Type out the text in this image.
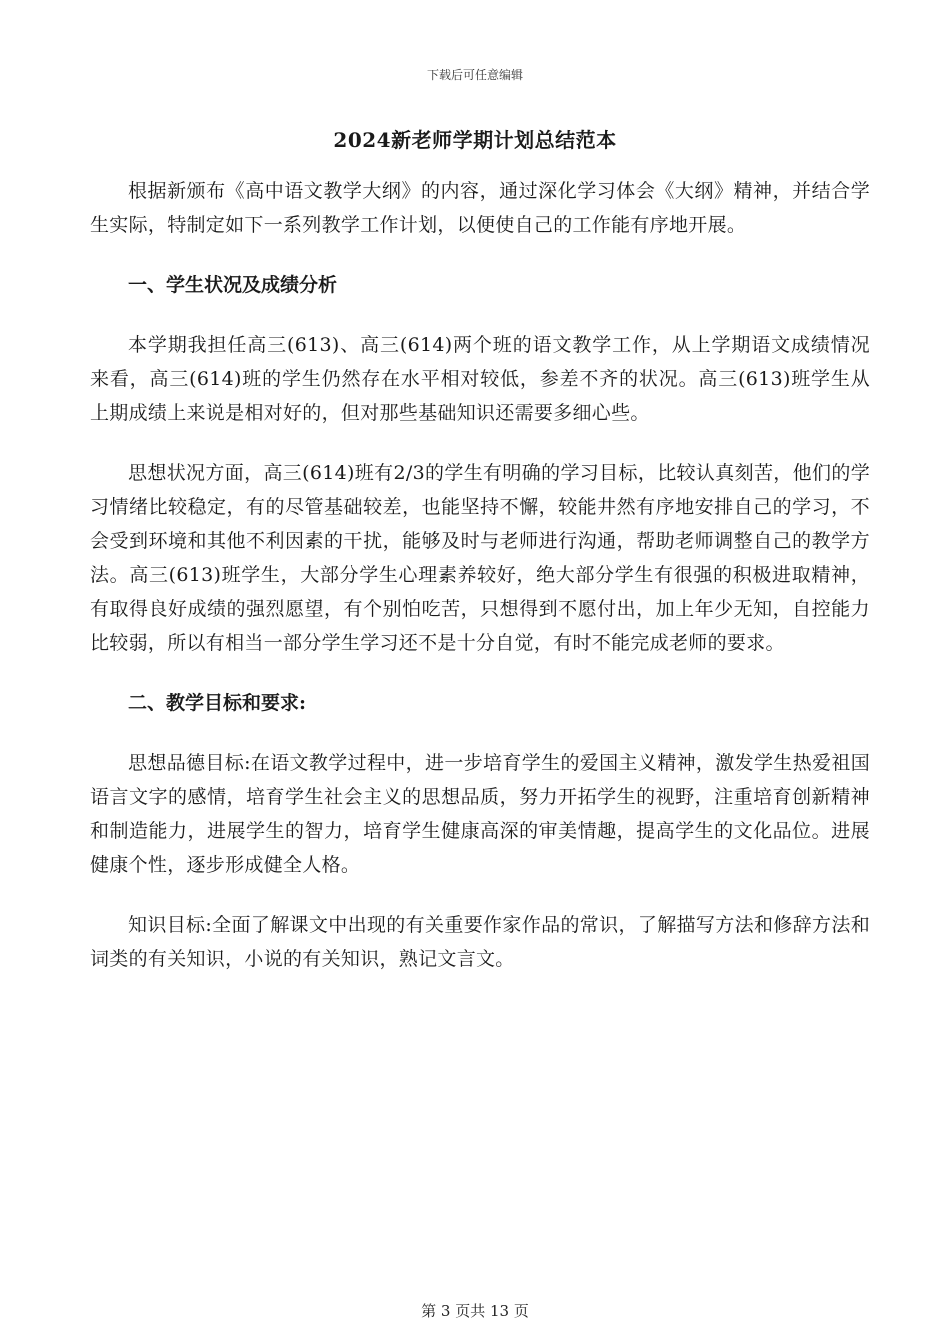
下载后可任意编辑
2024新老师学期计划总结范本

根据新颁布《高中语文教学大纲》的内容，通过深化学习体会《大纲》精神，并结合学生实际，特制定如下一系列教学工作计划，以便使自己的工作能有序地开展。

一、学生状况及成绩分析

本学期我担任高三(613)、高三(614)两个班的语文教学工作，从上学期语文成绩情况来看，高三(614)班的学生仍然存在水平相对较低，参差不齐的状况。高三(613)班学生从上期成绩上来说是相对好的，但对那些基础知识还需要多细心些。

思想状况方面，高三(614)班有2/3的学生有明确的学习目标，比较认真刻苦，他们的学习情绪比较稳定，有的尽管基础较差，也能坚持不懈，较能井然有序地安排自己的学习，不会受到环境和其他不利因素的干扰，能够及时与老师进行沟通，帮助老师调整自己的教学方法。高三(613)班学生，大部分学生心理素养较好，绝大部分学生有很强的积极进取精神，有取得良好成绩的强烈愿望，有个别怕吃苦，只想得到不愿付出，加上年少无知，自控能力比较弱，所以有相当一部分学生学习还不是十分自觉，有时不能完成老师的要求。

二、教学目标和要求:

思想品德目标:在语文教学过程中，进一步培育学生的爱国主义精神，激发学生热爱祖国语言文字的感情，培育学生社会主义的思想品质，努力开拓学生的视野，注重培育创新精神和制造能力，进展学生的智力，培育学生健康高深的审美情趣，提高学生的文化品位。进展健康个性，逐步形成健全人格。

知识目标:全面了解课文中出现的有关重要作家作品的常识，了解描写方法和修辞方法和词类的有关知识，小说的有关知识，熟记文言文。

第 3 页共 13 页
